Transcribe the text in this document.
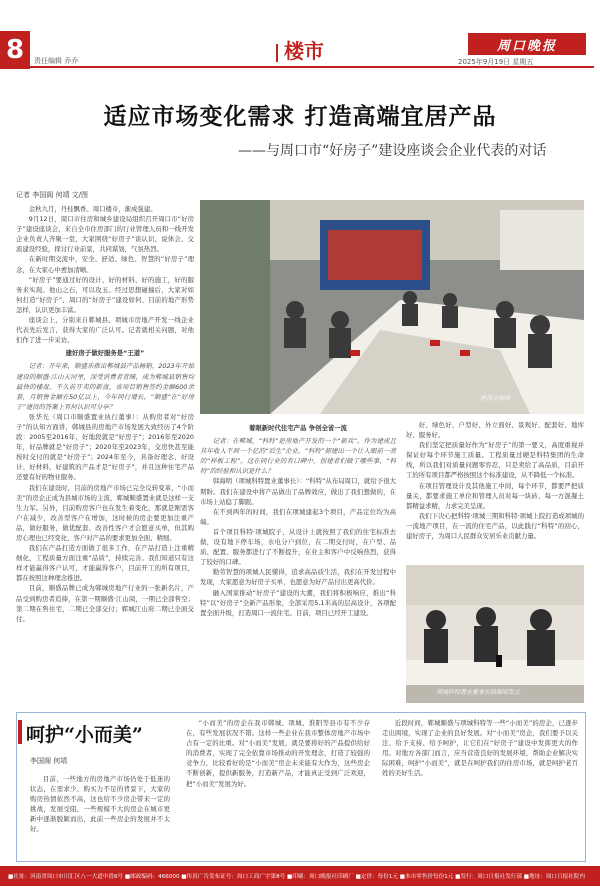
8	责任编辑 乔乔	楼市	周口晚报
2025年9月19日 星期五
适应市场变化需求 打造高端宜居产品
——与周口市“好房子”建设座谈会企业代表的对话
记者 李国阁 何靖 文/图

金秋九月，丹桂飘香。周口楼市，渐成强建。

9月12日，周口市住房和城乡建设局组织召开周口市“好房子”建设座谈会，来自全市住房部门的行业管理人员和一线开发企业负责人齐聚一堂，大家围绕“好房子”谈认识、说体会、交流建设经验，探讨行业前景，共同谋划，气氛热烈。

在新时期交流中，安全、舒适、绿色、智慧的“好房子”理念，在大家心中愈加清晰。

“好房子”要通过好的设计、好的材料、好的施工，好的服务来实现。他山之石，可以攻玉。经过思想碰撞后，大家对如何打造“好房子”、周口的“好房子”建设如何、目前的地产形势怎样，认识更加丰富。

座谈会上，分别来自郸城县、项城市房地产开发一线企业代表先后发言，获得大家的广泛认可。记者就相关问题，对他们作了进一步采访。

建好房子做好服务是“王道”

记者：开年来，顺盛乐推出郸城县产品畅销，2023年开始建设的顺盛·江山天河里，深受消费者青睐，成为郸城县销售均最快的楼盘。不久前开卖的新盘，该项目销售签约金额600余套，月销售金额在50亿以上，今年同行增长，“顺盛”在“好房子”建设的答案上有何认识可分享？

张华光（周口市顺盛置业执行董事）：从购房者对“好房子”的认知方面讲，郸城县的房地产市场发展大致经历了4个阶段：2005至2016年，好地段就是“好房子”；2016年至2020年，好品牌就是“好房子”；2020年至2023年，交房快甚至能按时交付的就是“好房子”；2024年至今，具备好理念、好设计、好材料、好建筑的产品才是“好房子”，并且这种住宅产品还要有好的物业服务。

我们在建设时，目前的房地产市场已完全反转变革，“小而美”的房企正成为县城市场的主流，郸城顺盛置业就是这样一支生力军。另外，目前购房客户也在发生着变化，那就是刚需客户在减少，改善型客户在增加，这时候的房企要更加注重产品，做好服务，做优配套、改善性客户才会愿意买单，但其购房心理也已经变化，客户对产品的要求更加全面、精细。

我们在产品打造方面做了很多工作，在产品打造上注重精细化，工程质量方面注重“品质”，持续完善。我们知道只有这样才能赢得客户认可，才能赢得客户，目前开工的所有项目，都在按照这种理念推进。

目前，顺盛品牌已成为郸城房地产行业的一张新名片，产品受到购房者追捧，在第一期顺盛·江山阅，一期已全部售空；第二期在售住宅，二期已全部交付；郸城江山府二期已全面交付。

座谈会现场

着眼新时代住宅产品 争创全省一流

记者：在郸城，“科特”是房地产开发的一个“新兵”。作为建成且其年收入不到一个亿的“后生”企业，“科特”却建出一个让人眼前一亮的“样板工程”。这在同行业的有口碑中，创建者们做了哪些事，“科特”的经验和认识是什么？

韩海明（项城科特置业董事长）：“科特”从布局周口，就给予很大期盼。我们在建设中将产品做出了品牌效应，做出了我们想做的，在市场上站稳了脚跟。

在不到两年的时间，我们在项城建起3个项目，产品定位均为高端。

首个项目科特·项城院子，从设计上就按照了我们的住宅标准去做，设有地下停车场，水电分户到位，在二期交付时，在户型、品质、配置、服务都进行了不断提升，在业主和客户中反响热烈，获得了较好的口碑。

勤劳智慧的项城人民懂得，追求高品质生活，我们在开发过程中发现，大家愿意为好房子买单，也愿意为好产品付出更高代价。

融入国家推动“好房子”建设的大潮，我们将积极响应，推出“科特”以“好房子”全新产品形象，全部采用5.1米高的层高设计，各项配置全面升级，打造周口一流住宅。目前，项目已经开工建设。

好、绿色好、户型好、外立面好、景观好、配套好、地库好、服务好。

我们坚定把质量好作为“好房子”的第一要义，高度重视并保证好每个环节施工质量。工程质量过硬是科特集团的生命线，所以我们对质量问题零容忍，只是卖给了高品质，目前开工的所有项目都严格按照这个标准建设，从不降低一个标准。

在项目管理设计及其他施工中间，每个环节，都要严把质量关，都要求施工单位和管理人员对每一块砖、每一方混凝土都精益求精，力求完美呈现。

我们下决心把科特·项城三期和科特·项城上院打造成项城的一流地产项目，在一流的住宅产品，以此践行“科特”的初心，建好房子，为周口人民群众安居乐业贡献力量。

项城科特置业董事长韩海明发言
呵护“小而美”
李国阁 何靖

目前，一些地方的房地产市场仍处于低迷的状态，在需求少、购买力不足的背景下，大家的购房热情依然不高，这也给不少房企带来一定的挑战，发展受阻，一些规模不大的房企在城市更新中逐渐脱颖而出，此前一些房企的发展并不太好。

“小而美”的房企在我市郸城、项城、淮阳等县市有不少存在，有些发展状况不错。这样一些企业在我市整体房地产市场中占有一定的比重。对“小而美”发展，就是要将好的产品提供给好的消费者，实现了完全依靠市场推动的开发理念，打造了较强的竞争力，比较看好的是“小而美”房企未来能有大作为，这些房企不断创新，提供新服务，打造新产品，才能真正受到广泛欢迎，把“小而美”发展为好。

近段时间，郸城顺盛与项城科特等一些“小而美”的房企，已逐步走出困境，实现了企业的良好发展。对“小而美”房企，我们要予以关注、给予支持、给予呵护，让它们在“好房子”建设中发挥更大的作用。对地方各部门而言，应当营造良好的发展环境，帮助企业解决实际困难，呵护“小而美”，就是在呵护我们的住房市场，就是呵护老百姓的美好生活。

■社址：河南省周口市川汇区八一大道中段6号 ■邮政编码：466000 ■传真广告发布证号：周口工商广字第8号 ■印刷：周口晚报社印刷厂 ■定价：每份1元 ■本市零售价每份1元 ■发行：周口日报社发行部 ■地址：周口日报社院内
